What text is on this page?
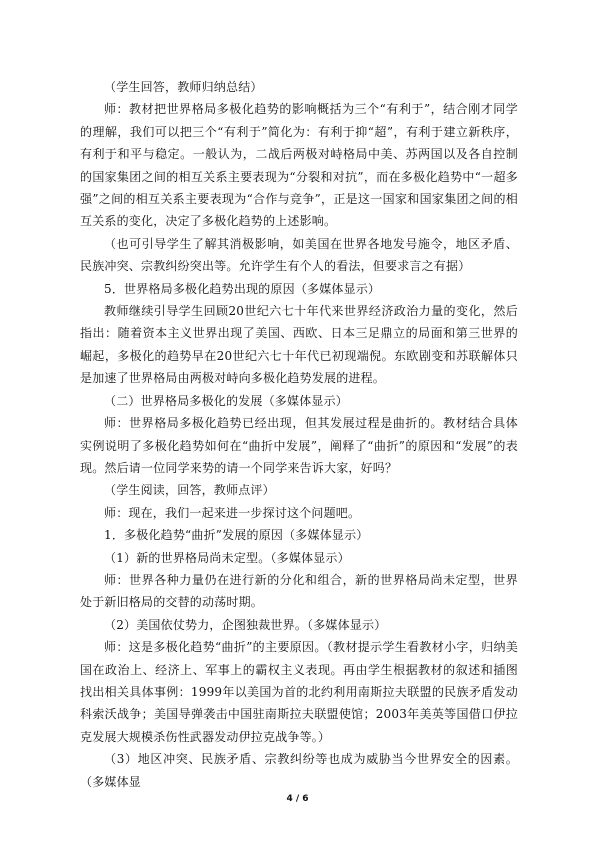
（学生回答，教师归纳总结）

师：教材把世界格局多极化趋势的影响概括为三个“有利于”，结合刚才同学的理解，我们可以把三个“有利于”简化为：有利于抑“超”，有利于建立新秩序，有利于和平与稳定。一般认为，二战后两极对峙格局中美、苏两国以及各自控制的国家集团之间的相互关系主要表现为“分裂和对抗”，而在多极化趋势中“一超多强”之间的相互关系主要表现为“合作与竞争”，正是这一国家和国家集团之间的相互关系的变化，决定了多极化趋势的上述影响。

（也可引导学生了解其消极影响，如美国在世界各地发号施令，地区矛盾、民族冲突、宗教纠纷突出等。允许学生有个人的看法，但要求言之有据）

5．世界格局多极化趋势出现的原因（多媒体显示）

教师继续引导学生回顾20世纪六七十年代来世界经济政治力量的变化，然后指出：随着资本主义世界出现了美国、西欧、日本三足鼎立的局面和第三世界的崛起，多极化的趋势早在20世纪六七十年代已初现端倪。东欧剧变和苏联解体只是加速了世界格局由两极对峙向多极化趋势发展的进程。

（二）世界格局多极化的发展（多媒体显示）

师：世界格局多极化趋势已经出现，但其发展过程是曲折的。教材结合具体实例说明了多极化趋势如何在“曲折中发展”，阐释了“曲折”的原因和“发展”的表现。然后请一位同学来势的请一个同学来告诉大家，好吗？

（学生阅读，回答，教师点评）

师：现在，我们一起来进一步探讨这个问题吧。

1．多极化趋势“曲折”发展的原因（多媒体显示）

（1）新的世界格局尚未定型。（多媒体显示）

师：世界各种力量仍在进行新的分化和组合，新的世界格局尚未定型，世界处于新旧格局的交替的动荡时期。

（2）美国依仗势力，企图独裁世界。（多媒体显示）

师：这是多极化趋势“曲折”的主要原因。（教材提示学生看教材小字，归纳美国在政治上、经济上、军事上的霸权主义表现。再由学生根据教材的叙述和插图找出相关具体事例：1999年以美国为首的北约利用南斯拉夫联盟的民族矛盾发动科索沃战争；美国导弹袭击中国驻南斯拉夫联盟使馆；2003年美英等国借口伊拉克发展大规模杀伤性武器发动伊拉克战争等。）

（3）地区冲突、民族矛盾、宗教纠纷等也成为威胁当今世界安全的因素。（多媒体显

4 / 6
